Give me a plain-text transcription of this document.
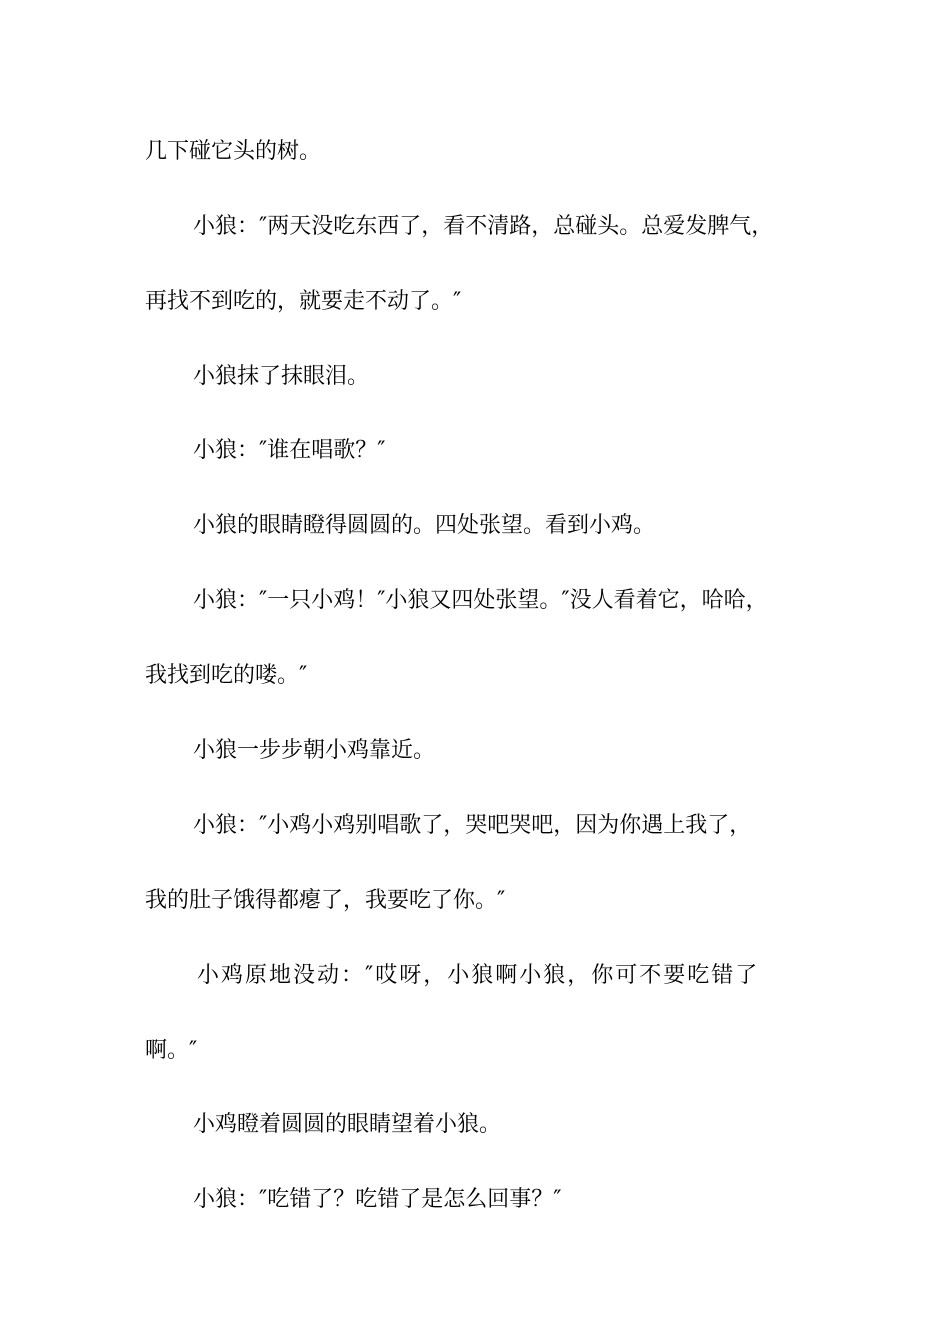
几下碰它头的树。
小狼：″两天没吃东西了，看不清路，总碰头。总爱发脾气，
再找不到吃的，就要走不动了。″
小狼抹了抹眼泪。
小狼：″谁在唱歌？″
小狼的眼睛瞪得圆圆的。四处张望。看到小鸡。
小狼：″一只小鸡！″小狼又四处张望。″没人看着它，哈哈，
我找到吃的喽。″
小狼一步步朝小鸡靠近。
小狼：″小鸡小鸡别唱歌了，哭吧哭吧，因为你遇上我了，
我的肚子饿得都瘪了，我要吃了你。″
小鸡原地没动：″哎呀，小狼啊小狼，你可不要吃错了
啊。″
小鸡瞪着圆圆的眼睛望着小狼。
小狼：″吃错了？吃错了是怎么回事？″
